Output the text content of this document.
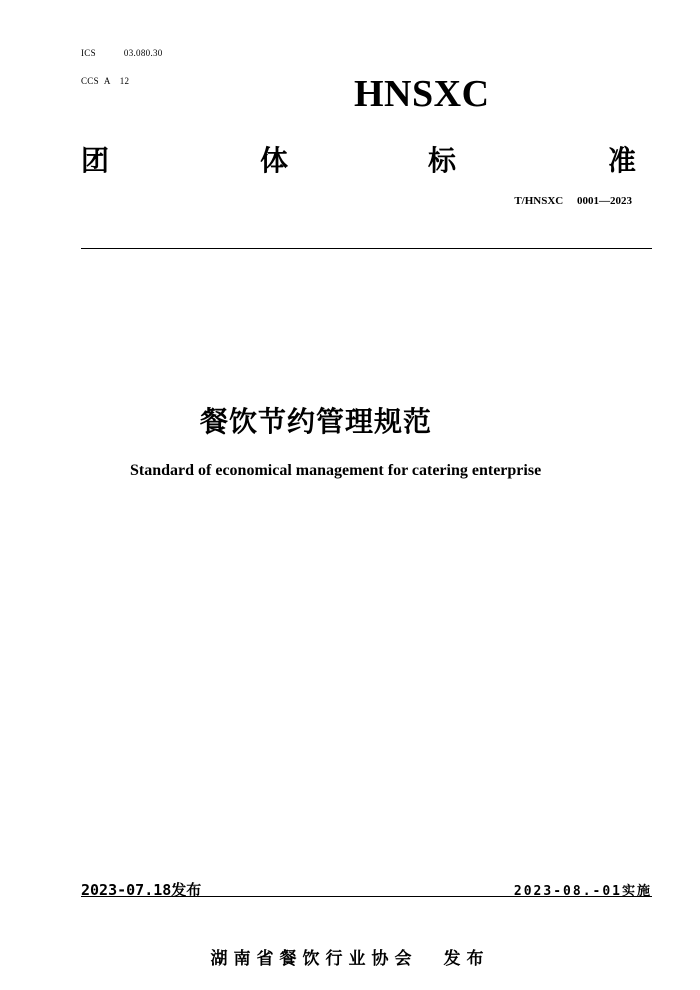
ICS	03.080.30
CCS A 12	HNSXC
团	体	标	准
T/HNSXC     0001—2023
餐饮节约管理规范
Standard of economical management for catering enterprise
2023-07.18发布	2023-08.-01实施
湖南省餐饮行业协会 发布
